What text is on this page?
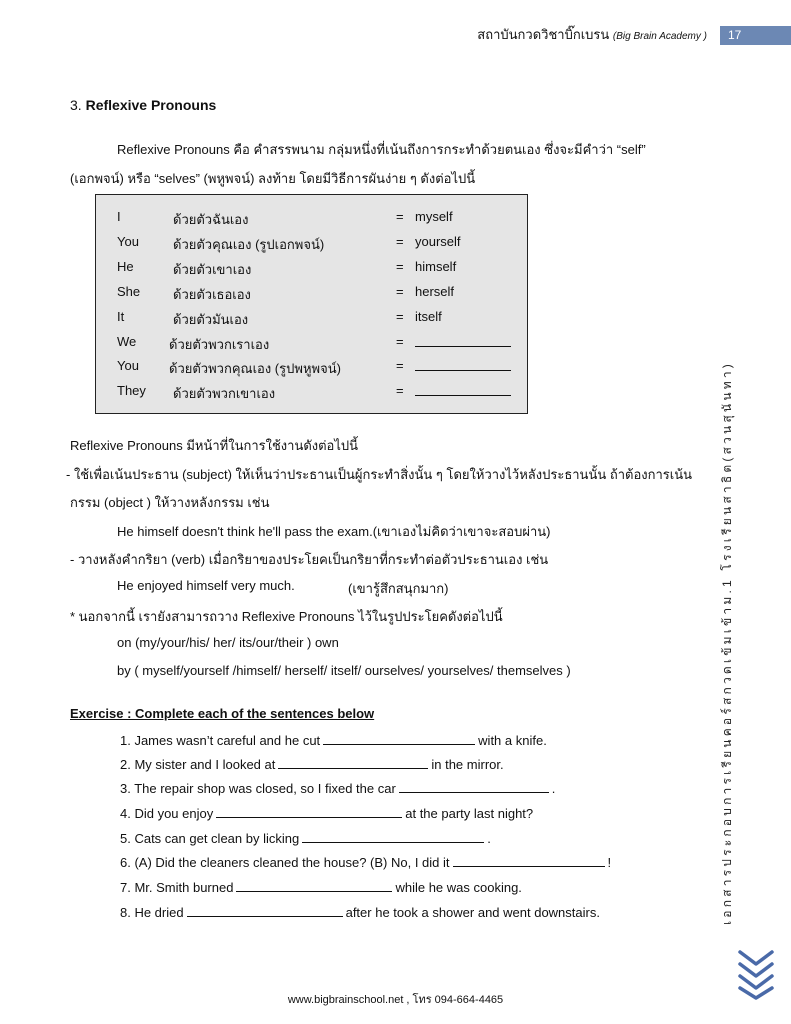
สถาบันกวดวิชาบิ๊กเบรน (Big Brain Academy )	17
3. Reflexive Pronouns
Reflexive Pronouns คือ คำสรรพนาม กลุ่มหนึ่งที่เน้นถึงการกระทำด้วยตนเอง ซึ่งจะมีคำว่า “self”
(เอกพจน์) หรือ “selves” (พหูพจน์) ลงท้าย โดยมีวิธีการผันง่าย ๆ ดังต่อไปนี้
I	ด้วยตัวฉันเอง	= myself
You	ด้วยตัวคุณเอง (รูปเอกพจน์)	= yourself
He	ด้วยตัวเขาเอง	= himself
She	ด้วยตัวเธอเอง	= herself
It	ด้วยตัวมันเอง	= itself
We	ด้วยตัวพวกเราเอง	=
You ด้วยตัวพวกคุณเอง (รูปพหูพจน์)	=
They ด้วยตัวพวกเขาเอง	=
Reflexive Pronouns มีหน้าที่ในการใช้งานดังต่อไปนี้
- ใช้เพื่อเน้นประธาน (subject) ให้เห็นว่าประธานเป็นผู้กระทำสิ่งนั้น ๆ โดยให้วางไว้หลังประธานนั้น ถ้าต้องการเน้น
กรรม (object ) ให้วางหลังกรรม เช่น
He himself doesn't think he'll pass the exam.(เขาเองไม่คิดว่าเขาจะสอบผ่าน)
- วางหลังคำกริยา (verb) เมื่อกริยาของประโยคเป็นกริยาที่กระทำต่อตัวประธานเอง เช่น
He enjoyed himself very much.	(เขารู้สึกสนุกมาก)
* นอกจากนี้ เรายังสามารถวาง Reflexive Pronouns ไว้ในรูปประโยคดังต่อไปนี้
on (my/your/his/ her/ its/our/their ) own
by ( myself/yourself /himself/ herself/ itself/ ourselves/ yourselves/ themselves )
Exercise : Complete each of the sentences below
1. James wasn’t careful and he cut	with a knife.
2. My sister and I looked at	in the mirror.
3. The repair shop was closed, so I fixed the car	.
4. Did you enjoy	at the party last night?
5. Cats can get clean by licking	.
6. (A) Did the cleaners cleaned the house? (B) No, I did it	!
7. Mr. Smith burned	while he was cooking.
8. He dried	after he took a shower and went downstairs.	เอกสารประกอบการเรียนคอร์สกวดเข้มเข้าม.1 โรงเรียนสาธิต(สวนสุนันทา)
www.bigbrainschool.net , โทร 094-664-4465
